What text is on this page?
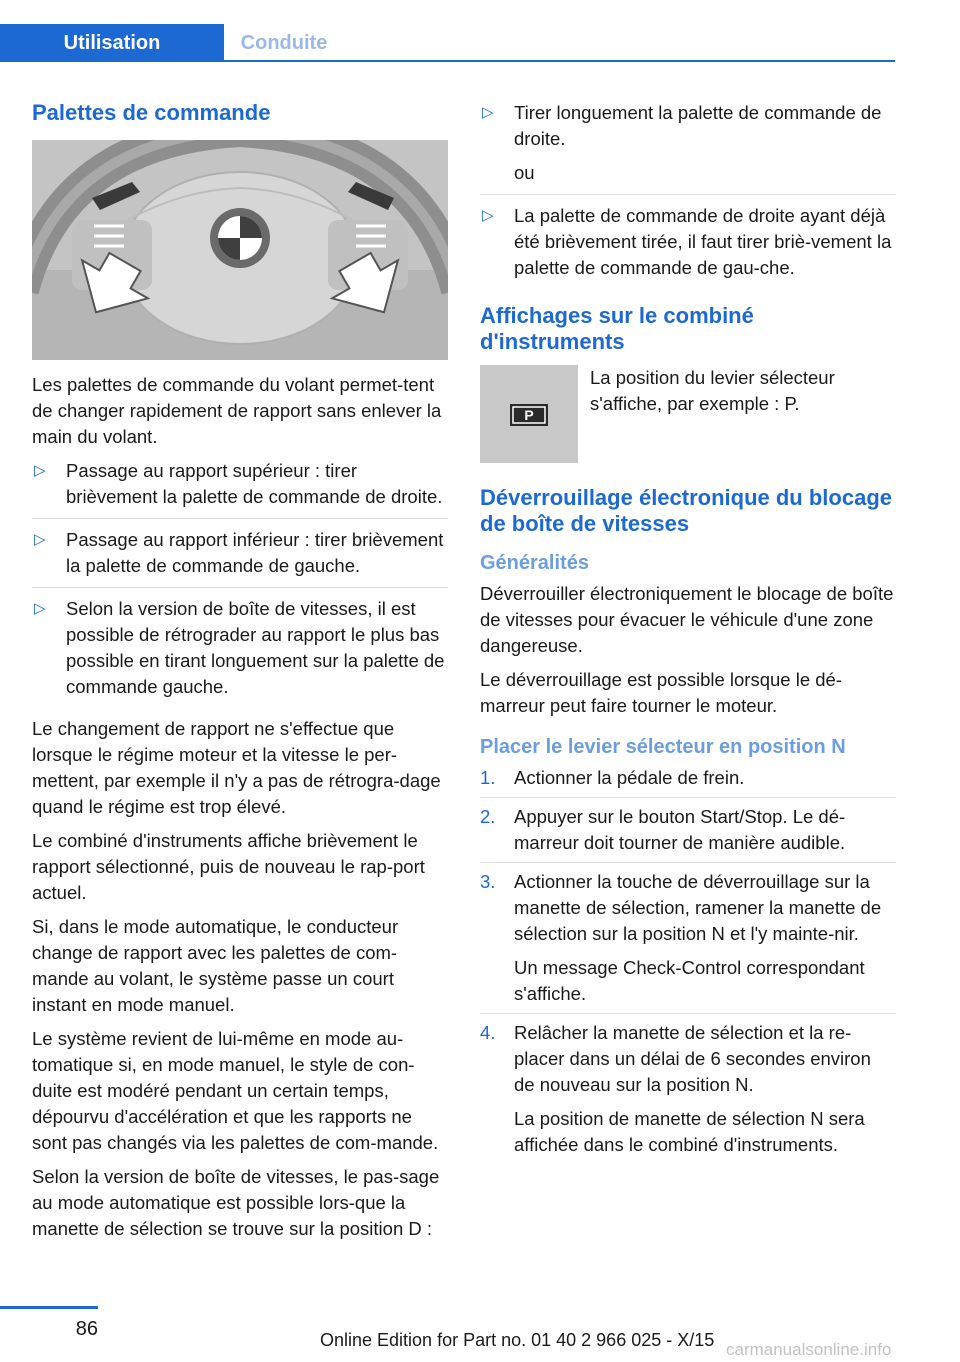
Utilisation	Conduite
Palettes de commande

Les palettes de commande du volant permet‐tent de changer rapidement de rapport sans enlever la main du volant.

▷ Passage au rapport supérieur : tirer brièvement la palette de commande de droite.
▷ Passage au rapport inférieur : tirer brièvement la palette de commande de gauche.
▷ Selon la version de boîte de vitesses, il est possible de rétrograder au rapport le plus bas possible en tirant longuement sur la palette de commande gauche.

Le changement de rapport ne s'effectue que lorsque le régime moteur et la vitesse le per‐mettent, par exemple il n'y a pas de rétrogra‐dage quand le régime est trop élevé.

Le combiné d'instruments affiche brièvement le rapport sélectionné, puis de nouveau le rap‐port actuel.

Si, dans le mode automatique, le conducteur change de rapport avec les palettes de com‐mande au volant, le système passe un court instant en mode manuel.

Le système revient de lui-même en mode au‐tomatique si, en mode manuel, le style de con‐duite est modéré pendant un certain temps, dépourvu d'accélération et que les rapports ne sont pas changés via les palettes de com‐mande.

Selon la version de boîte de vitesses, le pas‐sage au mode automatique est possible lors‐que la manette de sélection se trouve sur la position D :

▷ Tirer longuement la palette de commande de droite.
ou
▷ La palette de commande de droite ayant déjà été brièvement tirée, il faut tirer briè‐vement la palette de commande de gau‐che.
Affichages sur le combiné d'instruments
P

La position du levier sélecteur s'affiche, par exemple : P.

Déverrouillage électronique du blocage de boîte de vitesses
Généralités

Déverrouiller électroniquement le blocage de boîte de vitesses pour évacuer le véhicule d'une zone dangereuse.

Le déverrouillage est possible lorsque le dé‐marreur peut faire tourner le moteur.

Placer le levier sélecteur en position N
1. Actionner la pédale de frein.
2. Appuyer sur le bouton Start/Stop. Le dé‐marreur doit tourner de manière audible.
3. Actionner la touche de déverrouillage sur la manette de sélection, ramener la manette de sélection sur la position N et l'y mainte‐nir.
Un message Check-Control correspondant s'affiche.
4. Relâcher la manette de sélection et la re‐placer dans un délai de 6 secondes environ de nouveau sur la position N.
La position de manette de sélection N sera affichée dans le combiné d'instruments.
86	Online Edition for Part no. 01 40 2 966 025 - X/15 carmanualsonline.info
